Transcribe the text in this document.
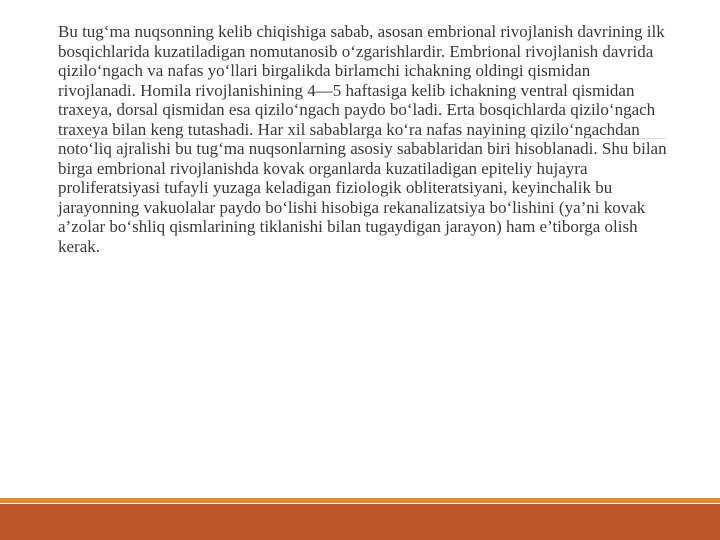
Bu tug‘ma nuqsonning kelib chiqishiga sabab, asosan embrional rivojlanish davrining ilk bosqichlarida kuzatiladigan nomutanosib o‘zgarishlardir. Embrional rivojlanish davrida qizilo‘ngach va nafas yo‘llari birgalikda birlamchi ichakning oldingi qismidan rivojlanadi. Homila rivojlanishining 4—5 haftasiga kelib ichakning ventral qismidan traxeya, dorsal qismidan esa qizilo‘ngach paydo bo‘ladi. Erta bosqichlarda qizilo‘ngach traxeya bilan keng tutashadi. Har xil sabablarga ko‘ra nafas nayining qizilo‘ngachdan noto‘liq ajralishi bu tug‘ma nuqsonlarning asosiy sabablaridan biri hisoblanadi. Shu bilan birga embrional rivojlanishda kovak organlarda kuzatiladigan epiteliy hujayra proliferatsiyasi tufayli yuzaga keladigan fiziologik obliteratsiyani, keyinchalik bu jarayonning vakuolalar paydo bo‘lishi hisobiga rekanalizatsiya bo‘lishini (ya’ni kovak a’zolar bo‘shliq qismlarining tiklanishi bilan tugaydigan jarayon) ham e’tiborga olish kerak.
